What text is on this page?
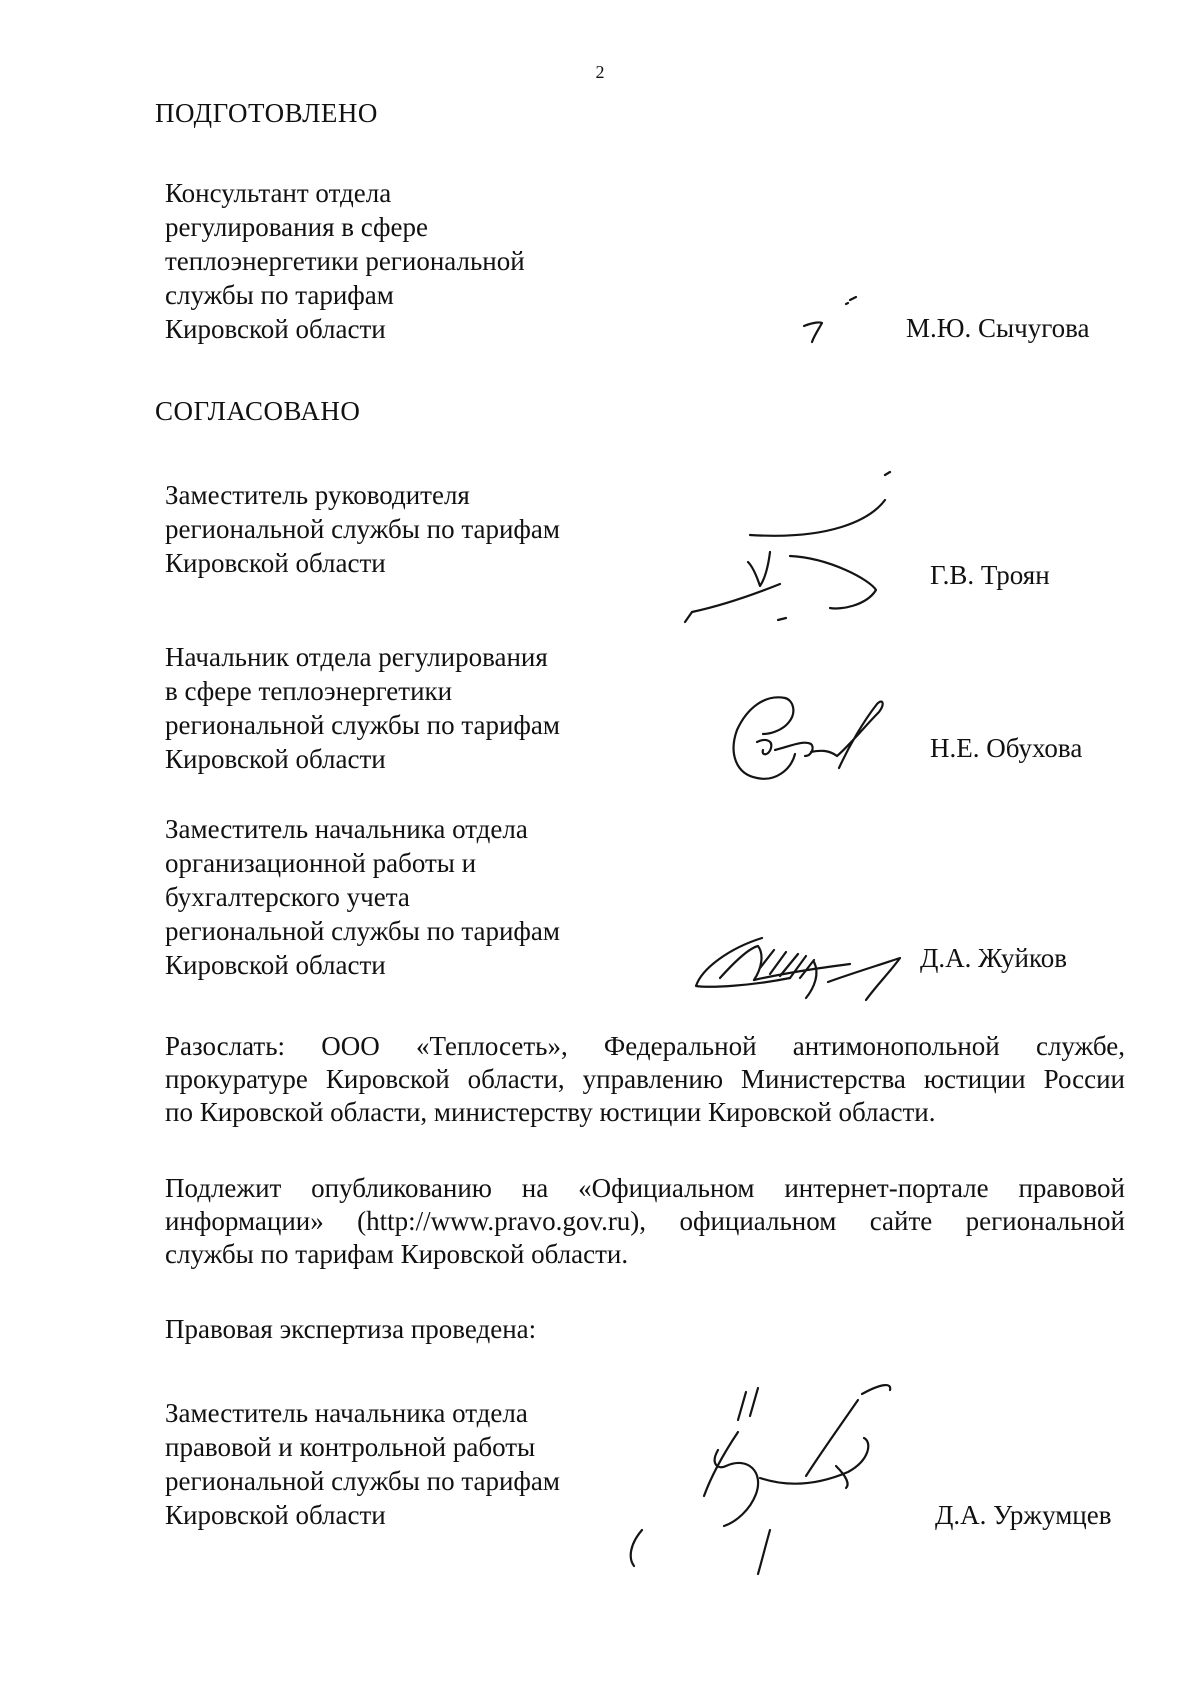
2
ПОДГОТОВЛЕНО
Консультант отдела
регулирования в сфере
теплоэнергетики региональной
службы по тарифам
Кировской области	М.Ю. Сычугова
СОГЛАСОВАНО
Заместитель руководителя
региональной службы по тарифам
Кировской области	Г.В. Троян
Начальник отдела регулирования
в сфере теплоэнергетики
региональной службы по тарифам
Кировской области	Н.Е. Обухова
Заместитель начальника отдела
организационной работы и
бухгалтерского учета
региональной службы по тарифам
Кировской области	Д.А. Жуйков
Разослать: ООО «Теплосеть», Федеральной антимонопольной службе,
прокуратуре Кировской области, управлению Министерства юстиции России
по Кировской области, министерству юстиции Кировской области.
Подлежит опубликованию на «Официальном интернет-портале правовой
информации» (http://www.pravo.gov.ru), официальном сайте региональной
службы по тарифам Кировской области.
Правовая экспертиза проведена:
Заместитель начальника отдела
правовой и контрольной работы
региональной службы по тарифам
Кировской области	Д.А. Уржумцев
